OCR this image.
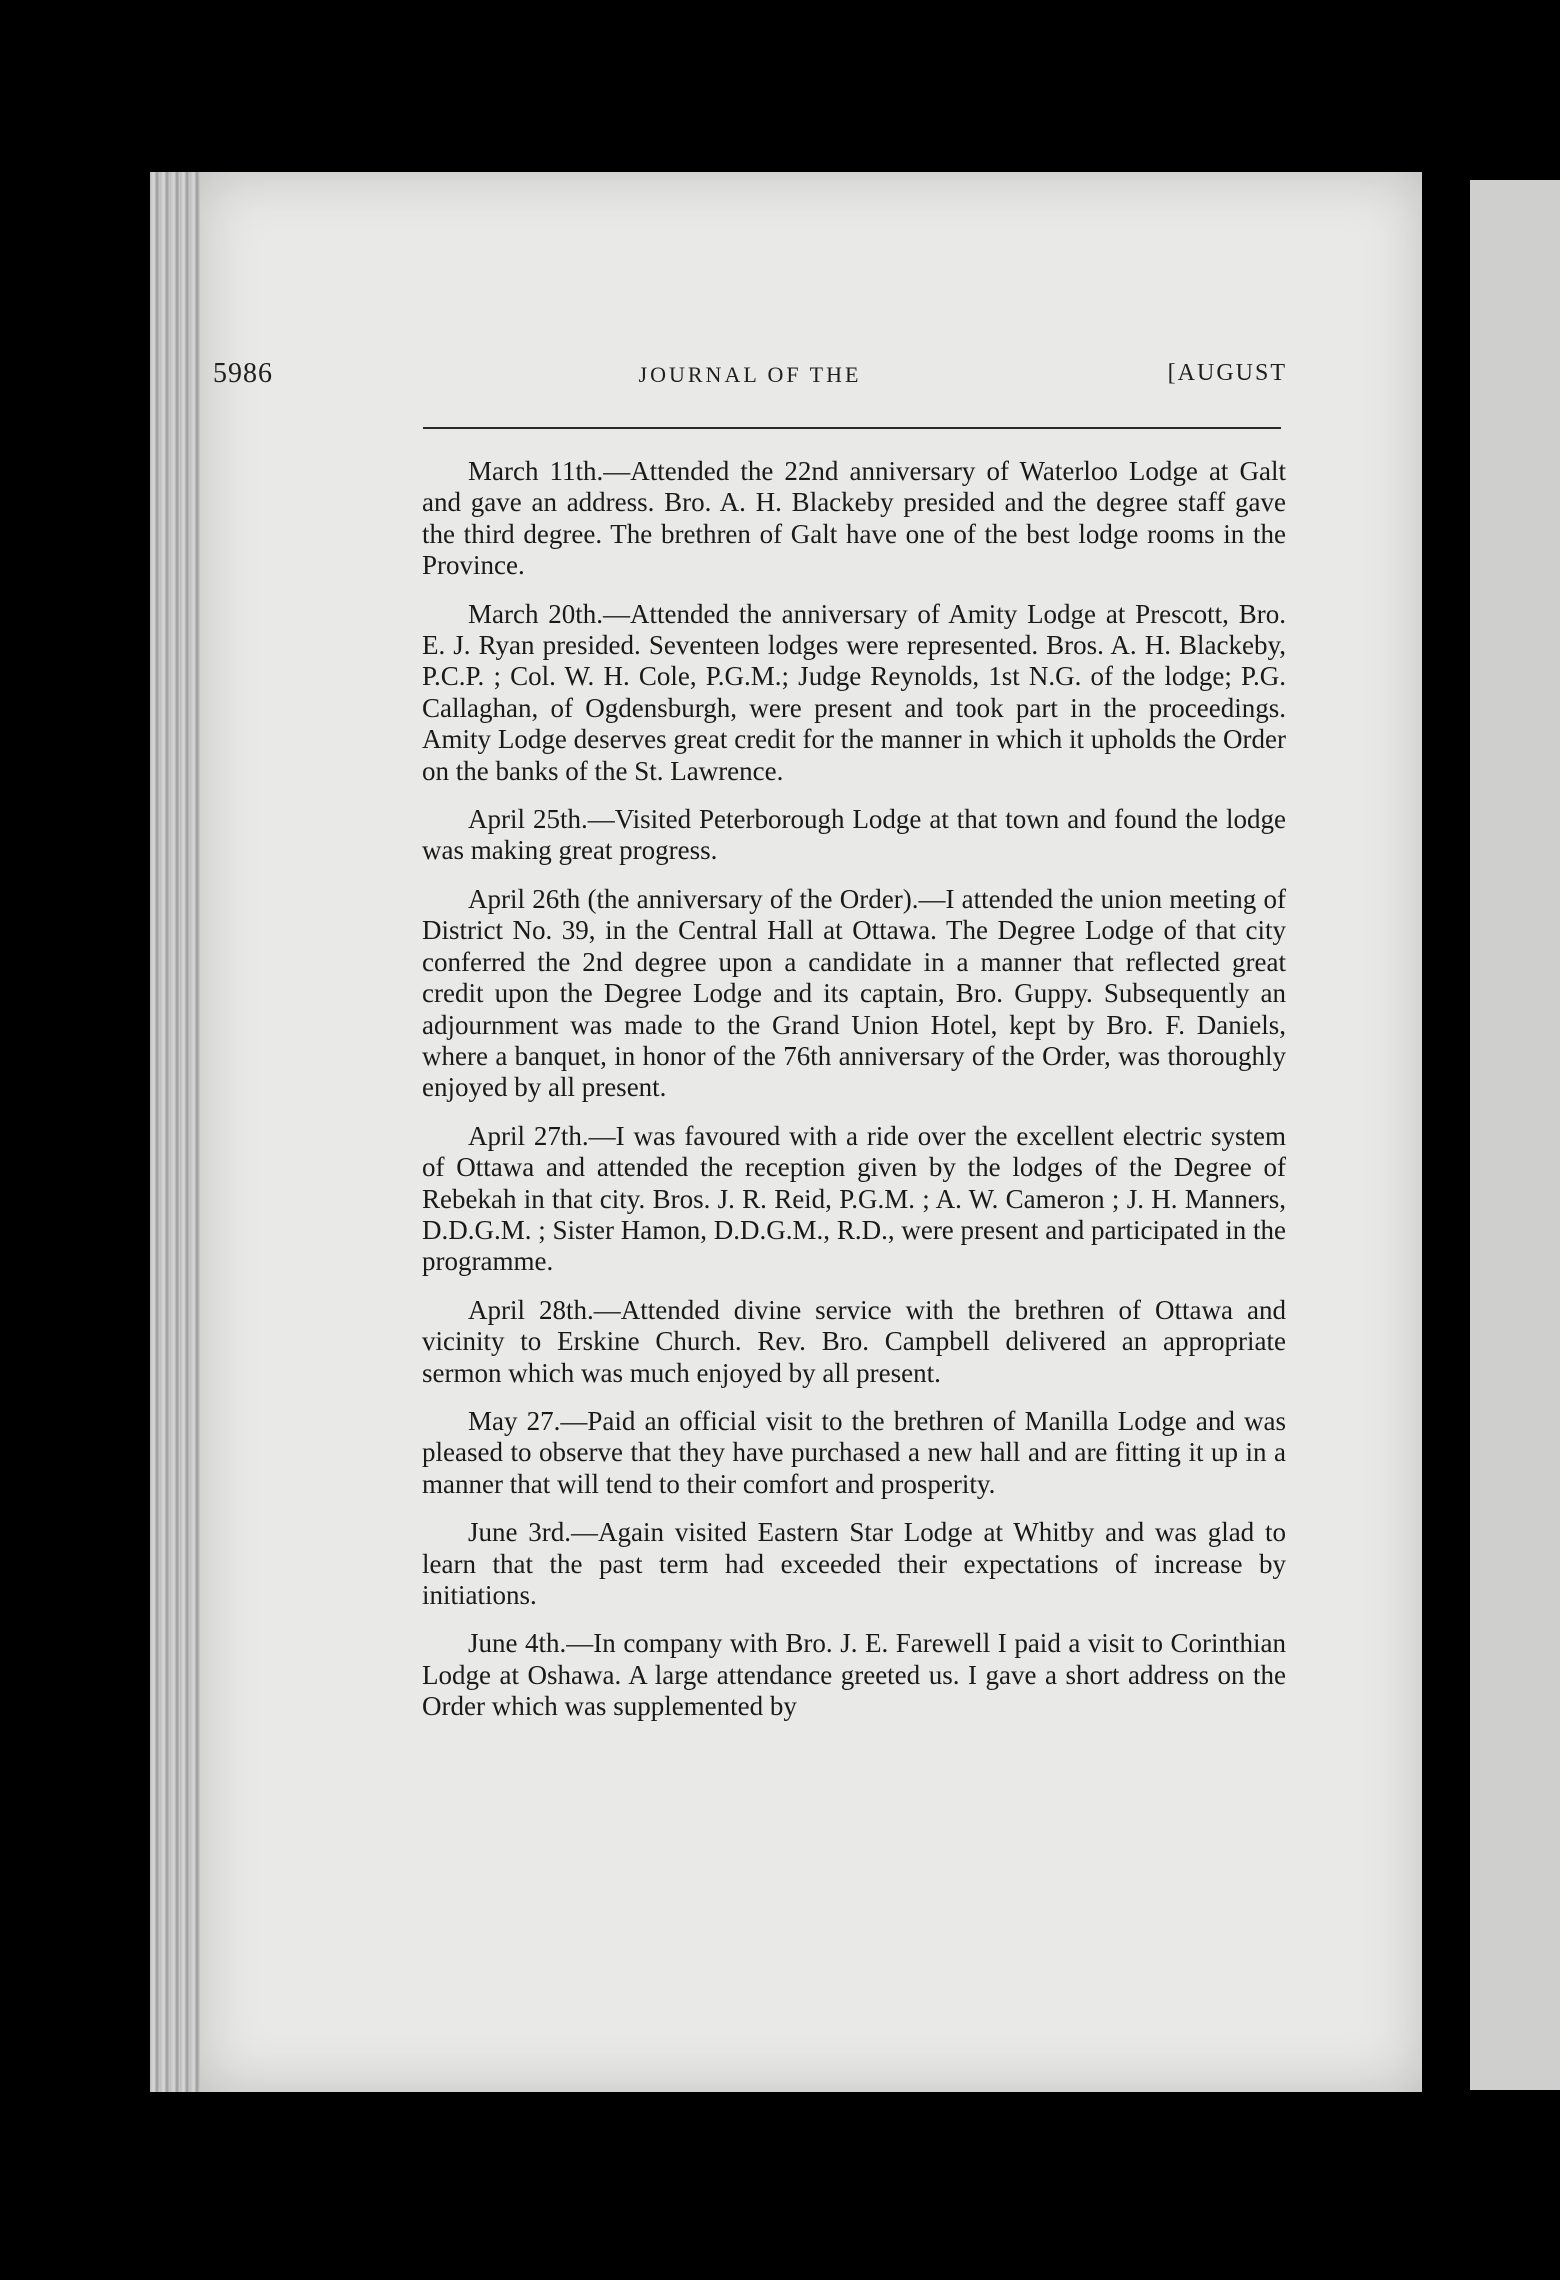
5986	JOURNAL OF THE	[AUGUST

March 11th.—Attended the 22nd anniversary of Waterloo Lodge at Galt and gave an address. Bro. A. H. Blackeby presided and the degree staff gave the third degree. The brethren of Galt have one of the best lodge rooms in the Province.

March 20th.—Attended the anniversary of Amity Lodge at Prescott, Bro. E. J. Ryan presided. Seventeen lodges were represented. Bros. A. H. Blackeby, P.C.P. ; Col. W. H. Cole, P.G.M.; Judge Reynolds, 1st N.G. of the lodge; P.G. Callaghan, of Ogdensburgh, were present and took part in the proceedings. Amity Lodge deserves great credit for the manner in which it upholds the Order on the banks of the St. Lawrence.

April 25th.—Visited Peterborough Lodge at that town and found the lodge was making great progress.

April 26th (the anniversary of the Order).—I attended the union meeting of District No. 39, in the Central Hall at Ottawa. The Degree Lodge of that city conferred the 2nd degree upon a candidate in a manner that reflected great credit upon the Degree Lodge and its captain, Bro. Guppy. Subsequently an adjournment was made to the Grand Union Hotel, kept by Bro. F. Daniels, where a banquet, in honor of the 76th anniversary of the Order, was thoroughly enjoyed by all present.

April 27th.—I was favoured with a ride over the excellent electric system of Ottawa and attended the reception given by the lodges of the Degree of Rebekah in that city. Bros. J. R. Reid, P.G.M. ; A. W. Cameron ; J. H. Manners, D.D.G.M. ; Sister Hamon, D.D.G.M., R.D., were present and participated in the programme.

April 28th.—Attended divine service with the brethren of Ottawa and vicinity to Erskine Church. Rev. Bro. Campbell delivered an appropriate sermon which was much enjoyed by all present.

May 27.—Paid an official visit to the brethren of Manilla Lodge and was pleased to observe that they have purchased a new hall and are fitting it up in a manner that will tend to their comfort and prosperity.

June 3rd.—Again visited Eastern Star Lodge at Whitby and was glad to learn that the past term had exceeded their expectations of increase by initiations.

June 4th.—In company with Bro. J. E. Farewell I paid a visit to Corinthian Lodge at Oshawa. A large attendance greeted us. I gave a short address on the Order which was supplemented by
